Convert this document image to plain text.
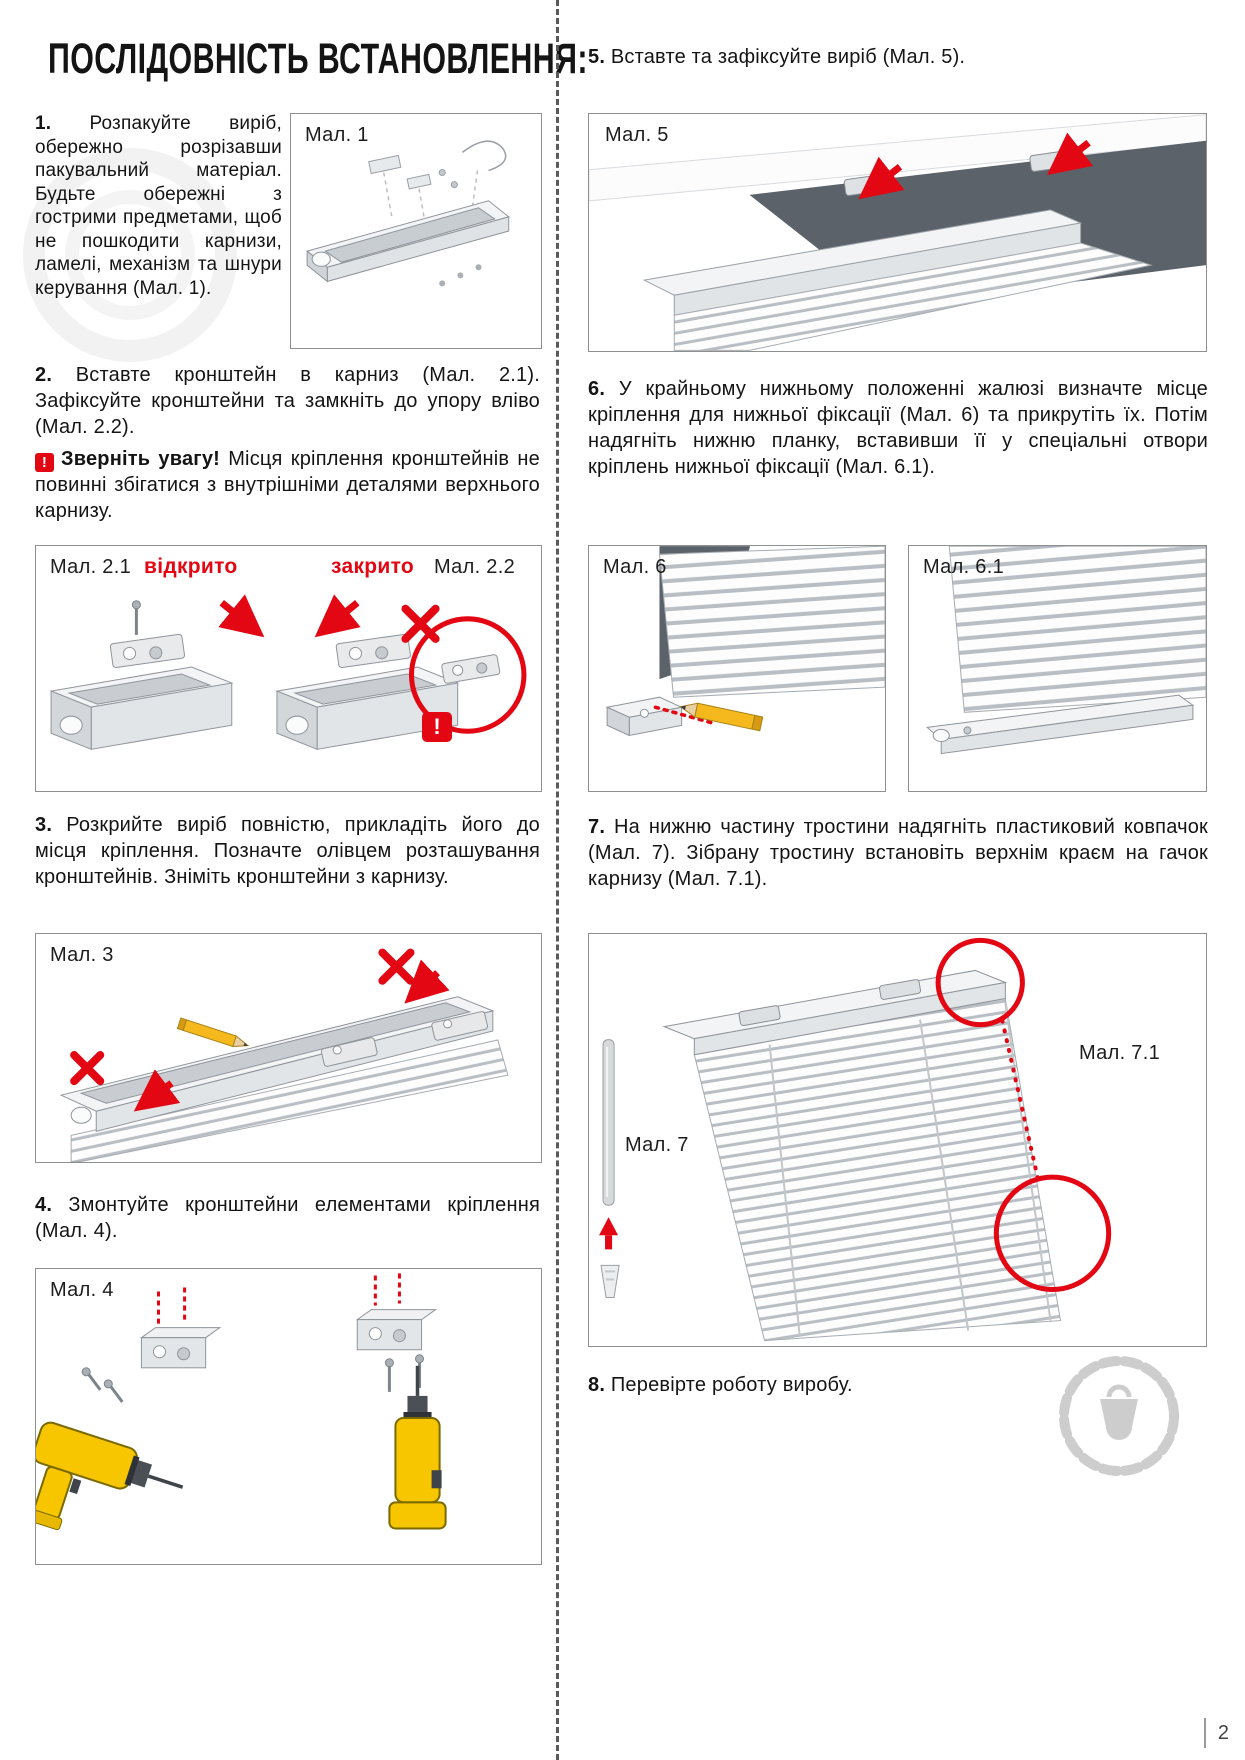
ПОСЛІДОВНІСТЬ ВСТАНОВЛЕННЯ:

1. Розпакуйте виріб, обережно розрізавши пакувальний матеріал. Будьте обережні з гострими предметами, щоб не пошкодити карнизи, ламелі, механізм та шнури керування (Мал. 1).

Мал. 1

2. Вставте кронштейн в карниз (Мал. 2.1). Зафіксуйте кронштейни та замкніть до упору вліво (Мал. 2.2).

! Зверніть увагу! Місця кріплення кронштейнів не повинні збігатися з внутрішніми деталями верхнього карнизу.

Мал. 2.1 відкрито	закрито Мал. 2.2
!

3. Розкрийте виріб повністю, прикладіть його до місця кріплення. Позначте олівцем розташування кронштейнів. Зніміть кронштейни з карнизу.

Мал. 3

4. Змонтуйте кронштейни елементами кріплення (Мал. 4).

Мал. 4

5. Вставте та зафіксуйте виріб (Мал. 5).

Мал. 5

6. У крайньому нижньому положенні жалюзі визначте місце кріплення для нижньої фіксації (Мал. 6) та прикрутіть їх. Потім надягніть нижню планку, вставивши її у спеціальні отвори кріплень нижньої фіксації (Мал. 6.1).

Мал. 6	Мал. 6.1

7. На нижню частину тростини надягніть пластиковий ковпачок (Мал. 7). Зібрану тростину встановіть верхнім краєм на гачок карнизу (Мал. 7.1).

Мал. 7.1
Мал. 7

8. Перевірте роботу виробу.

2
